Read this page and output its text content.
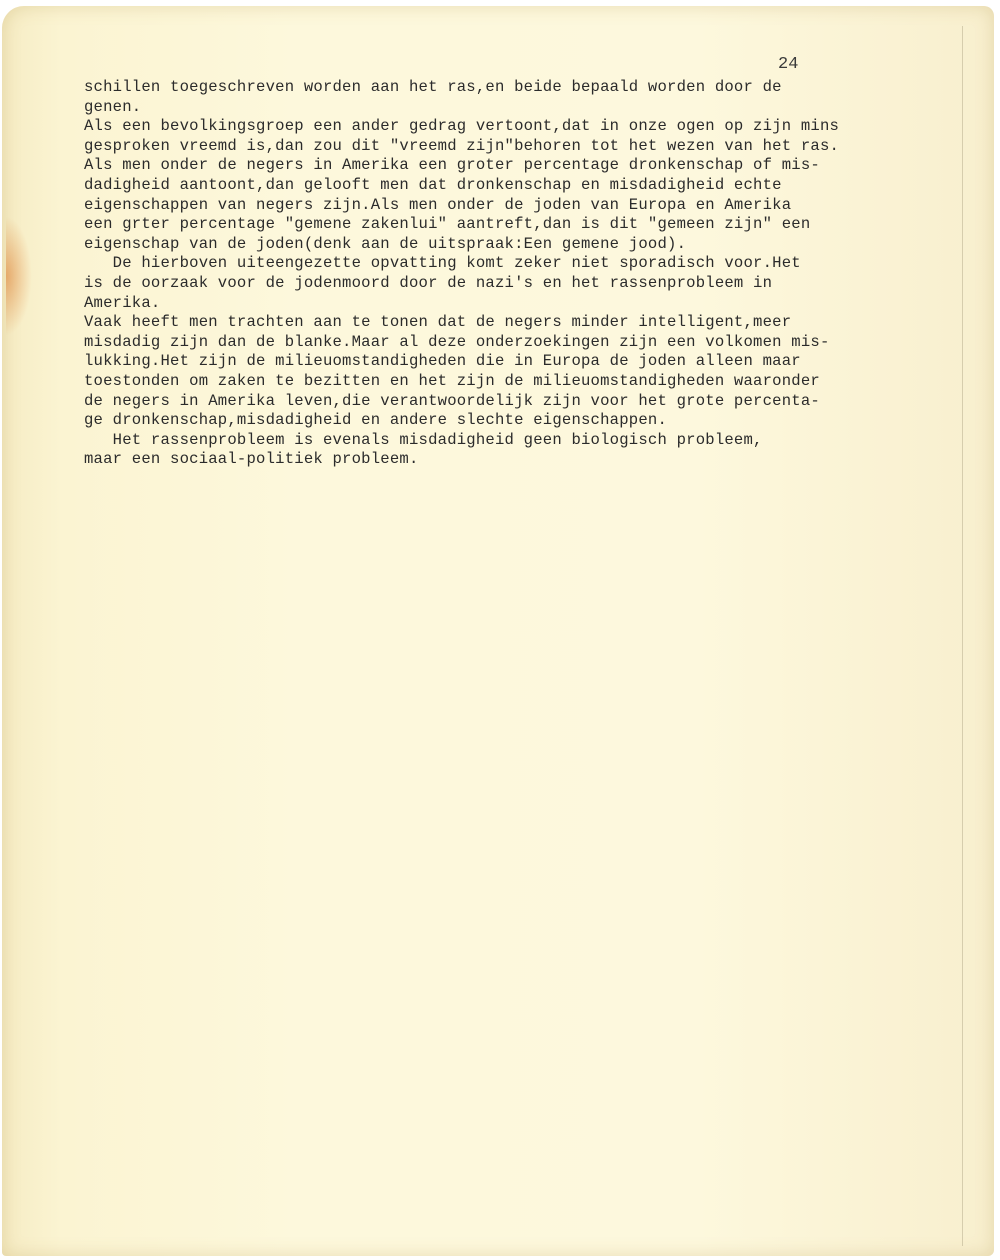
24
schillen toegeschreven worden aan het ras,en beide bepaald worden door de
genen.
Als een bevolkingsgroep een ander gedrag vertoont,dat in onze ogen op zijn mins
gesproken vreemd is,dan zou dit "vreemd zijn"behoren tot het wezen van het ras.
Als men onder de negers in Amerika een groter percentage dronkenschap of mis-
dadigheid aantoont,dan gelooft men dat dronkenschap en misdadigheid echte
eigenschappen van negers zijn.Als men onder de joden van Europa en Amerika
een grter percentage "gemene zakenlui" aantreft,dan is dit "gemeen zijn" een
eigenschap van de joden(denk aan de uitspraak:Een gemene jood).
De hierboven uiteengezette opvatting komt zeker niet sporadisch voor.Het
is de oorzaak voor de jodenmoord door de nazi's en het rassenprobleem in
Amerika.
Vaak heeft men trachten aan te tonen dat de negers minder intelligent,meer
misdadig zijn dan de blanke.Maar al deze onderzoekingen zijn een volkomen mis-
lukking.Het zijn de milieuomstandigheden die in Europa de joden alleen maar
toestonden om zaken te bezitten en het zijn de milieuomstandigheden waaronder
de negers in Amerika leven,die verantwoordelijk zijn voor het grote percenta-
ge dronkenschap,misdadigheid en andere slechte eigenschappen.
Het rassenprobleem is evenals misdadigheid geen biologisch probleem,
maar een sociaal-politiek probleem.
